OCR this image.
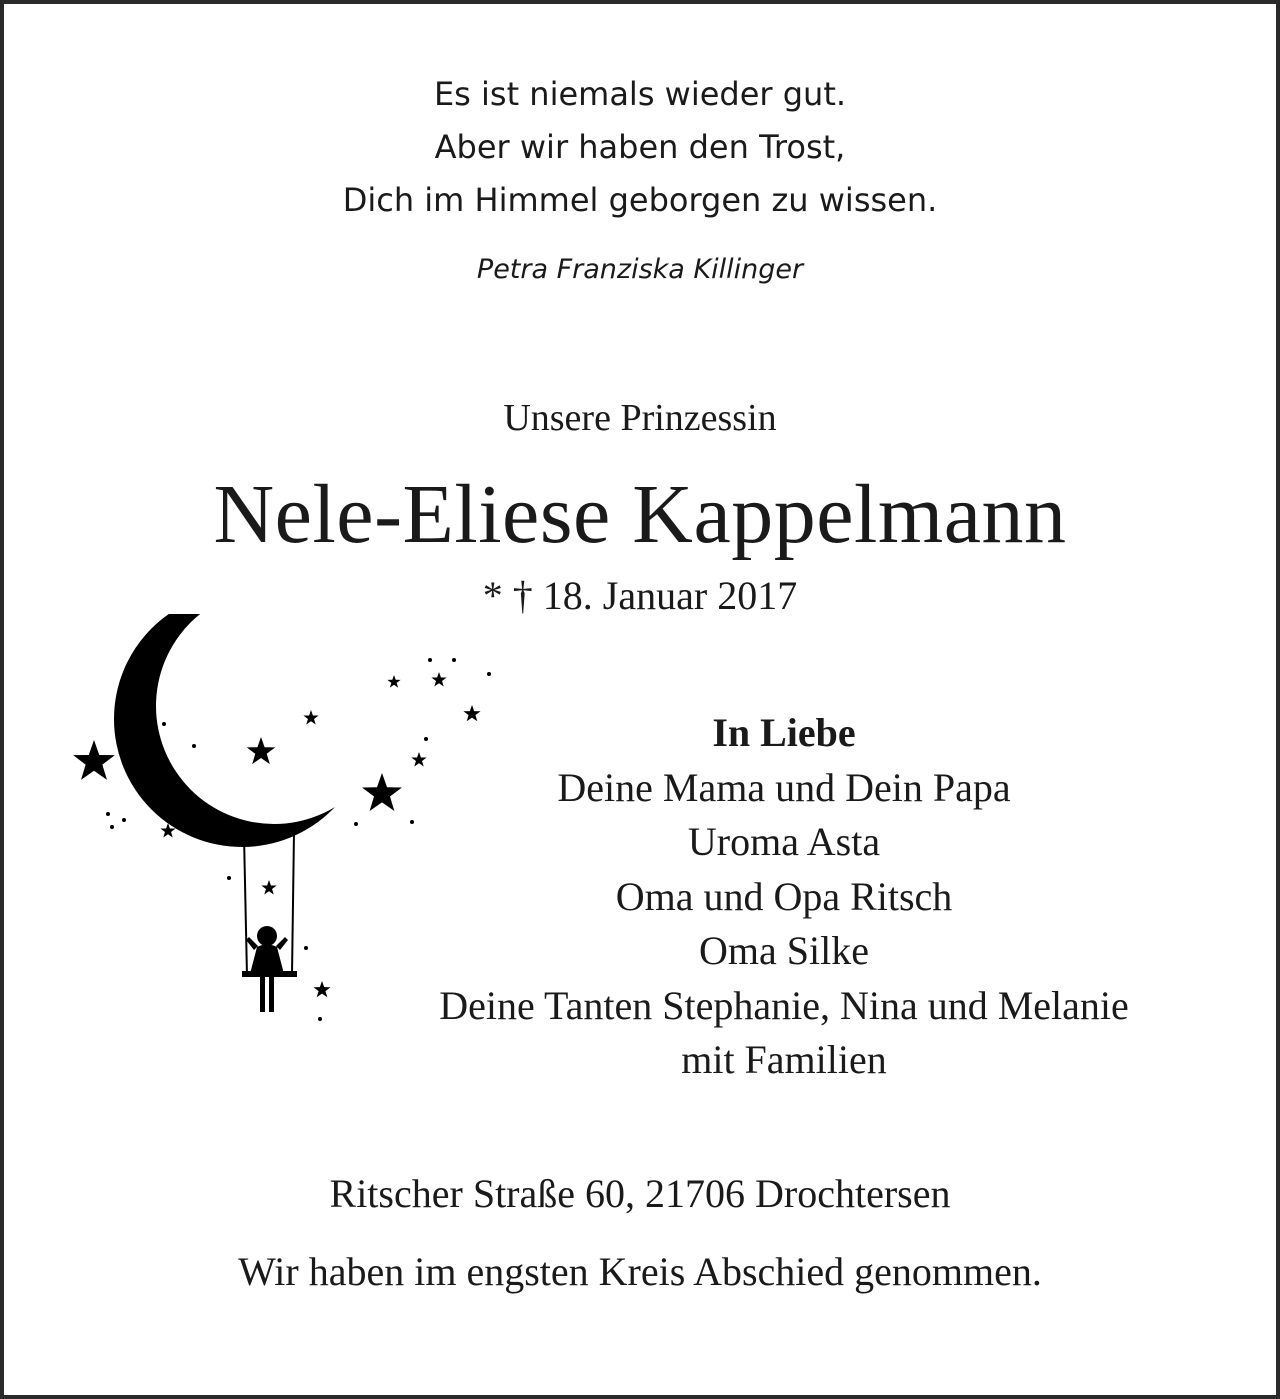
Es ist niemals wieder gut.
Aber wir haben den Trost,
Dich im Himmel geborgen zu wissen.
Petra Franziska Killinger
Unsere Prinzessin
Nele-Eliese Kappelmann
* † 18. Januar 2017
In Liebe
Deine Mama und Dein Papa
Uroma Asta
Oma und Opa Ritsch
Oma Silke
Deine Tanten Stephanie, Nina und Melanie
mit Familien
Ritscher Straße 60, 21706 Drochtersen
Wir haben im engsten Kreis Abschied genommen.
